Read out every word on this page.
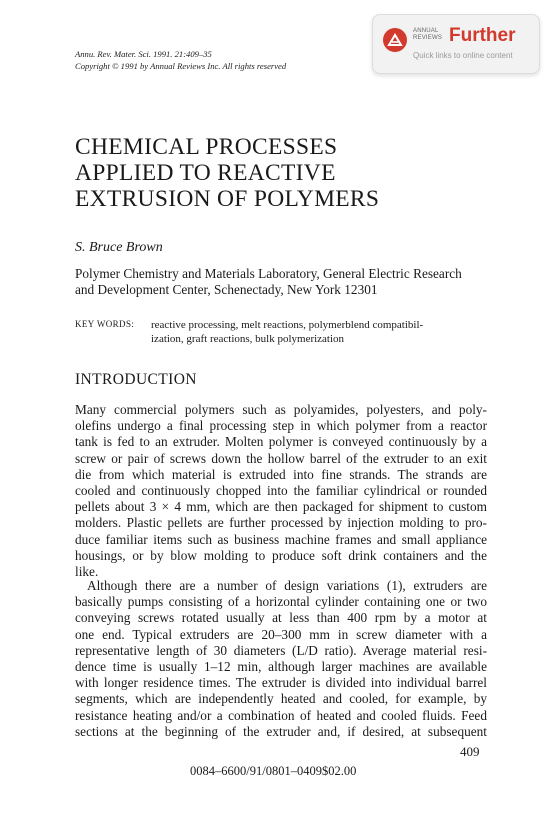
Annu. Rev. Mater. Sci. 1991. 21:409–35
Copyright © 1991 by Annual Reviews Inc. All rights reserved
ANNUAL REVIEWS Further
Quick links to online content
CHEMICAL PROCESSES
APPLIED TO REACTIVE
EXTRUSION OF POLYMERS
S. Bruce Brown
Polymer Chemistry and Materials Laboratory, General Electric Research
and Development Center, Schenectady, New York 12301
KEY WORDS: reactive processing, melt reactions, polymerblend compatibil-
ization, graft reactions, bulk polymerization
INTRODUCTION
Many commercial polymers such as polyamides, polyesters, and poly-
olefins undergo a final processing step in which polymer from a reactor
tank is fed to an extruder. Molten polymer is conveyed continuously by a
screw or pair of screws down the hollow barrel of the extruder to an exit
die from which material is extruded into fine strands. The strands are
cooled and continuously chopped into the familiar cylindrical or rounded
pellets about 3 × 4 mm, which are then packaged for shipment to custom
molders. Plastic pellets are further processed by injection molding to pro-
duce familiar items such as business machine frames and small appliance
housings, or by blow molding to produce soft drink containers and the
like.
Although there are a number of design variations (1), extruders are
basically pumps consisting of a horizontal cylinder containing one or two
conveying screws rotated usually at less than 400 rpm by a motor at
one end. Typical extruders are 20–300 mm in screw diameter with a
representative length of 30 diameters (L/D ratio). Average material resi-
dence time is usually 1–12 min, although larger machines are available
with longer residence times. The extruder is divided into individual barrel
segments, which are independently heated and cooled, for example, by
resistance heating and/or a combination of heated and cooled fluids. Feed
sections at the beginning of the extruder and, if desired, at subsequent
409
0084–6600/91/0801–0409$02.00
